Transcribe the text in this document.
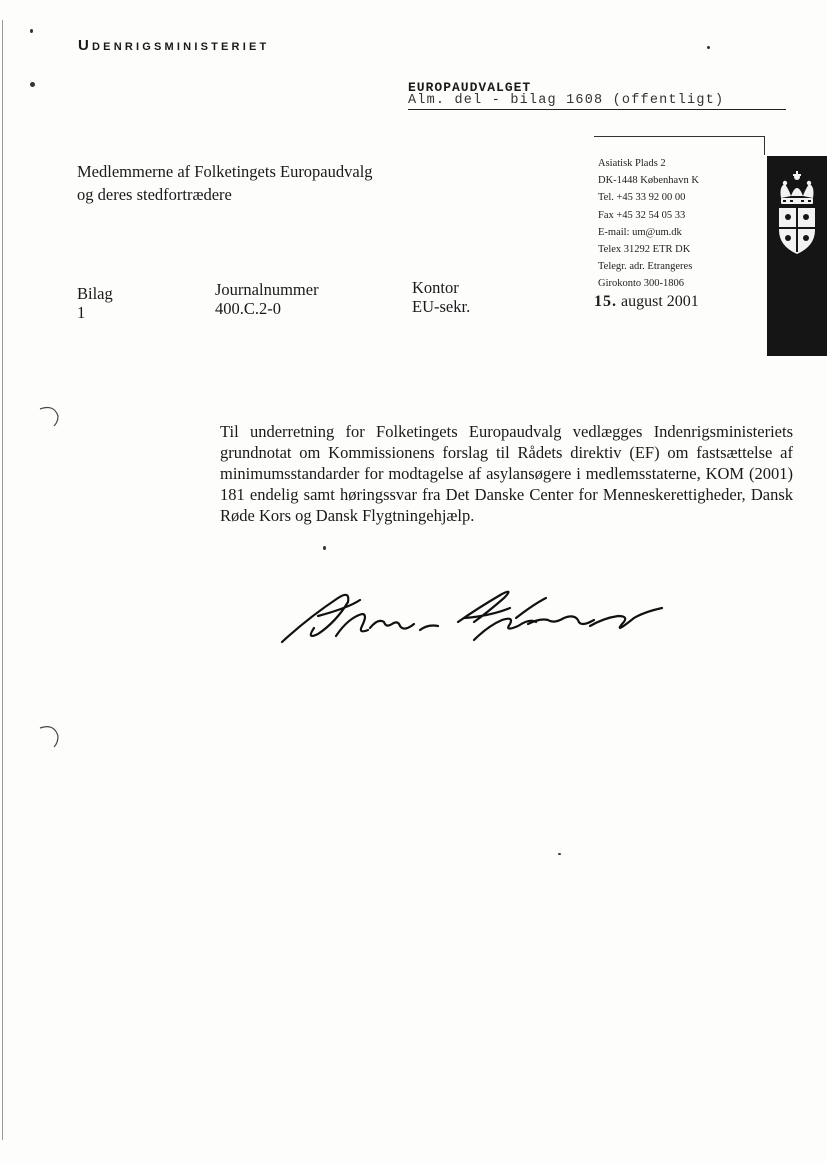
Udenrigsministeriet
EUROPAUDVALGET
Alm. del - bilag 1608 (offentligt)
Medlemmerne af Folketingets Europaudvalg
og deres stedfortrædere
Asiatisk Plads 2
DK-1448 København K
Tel. +45 33 92 00 00
Fax +45 32 54 05 33
E-mail: um@um.dk
Telex 31292 ETR DK
Telegr. adr. Etrangeres
Girokonto 300-1806
Bilag
1
Journalnummer
400.C.2-0
Kontor
EU-sekr.	15. august 2001

Til underretning for Folketingets Europaudvalg vedlægges Indenrigsministeriets grundnotat om Kommissionens forslag til Rådets direktiv (EF) om fastsættelse af minimumsstandarder for modtagelse af asylansøgere i medlemsstaterne, KOM (2001) 181 endelig samt høringssvar fra Det Danske Center for Menneskerettigheder, Dansk Røde Kors og Dansk Flygtningehjælp.
